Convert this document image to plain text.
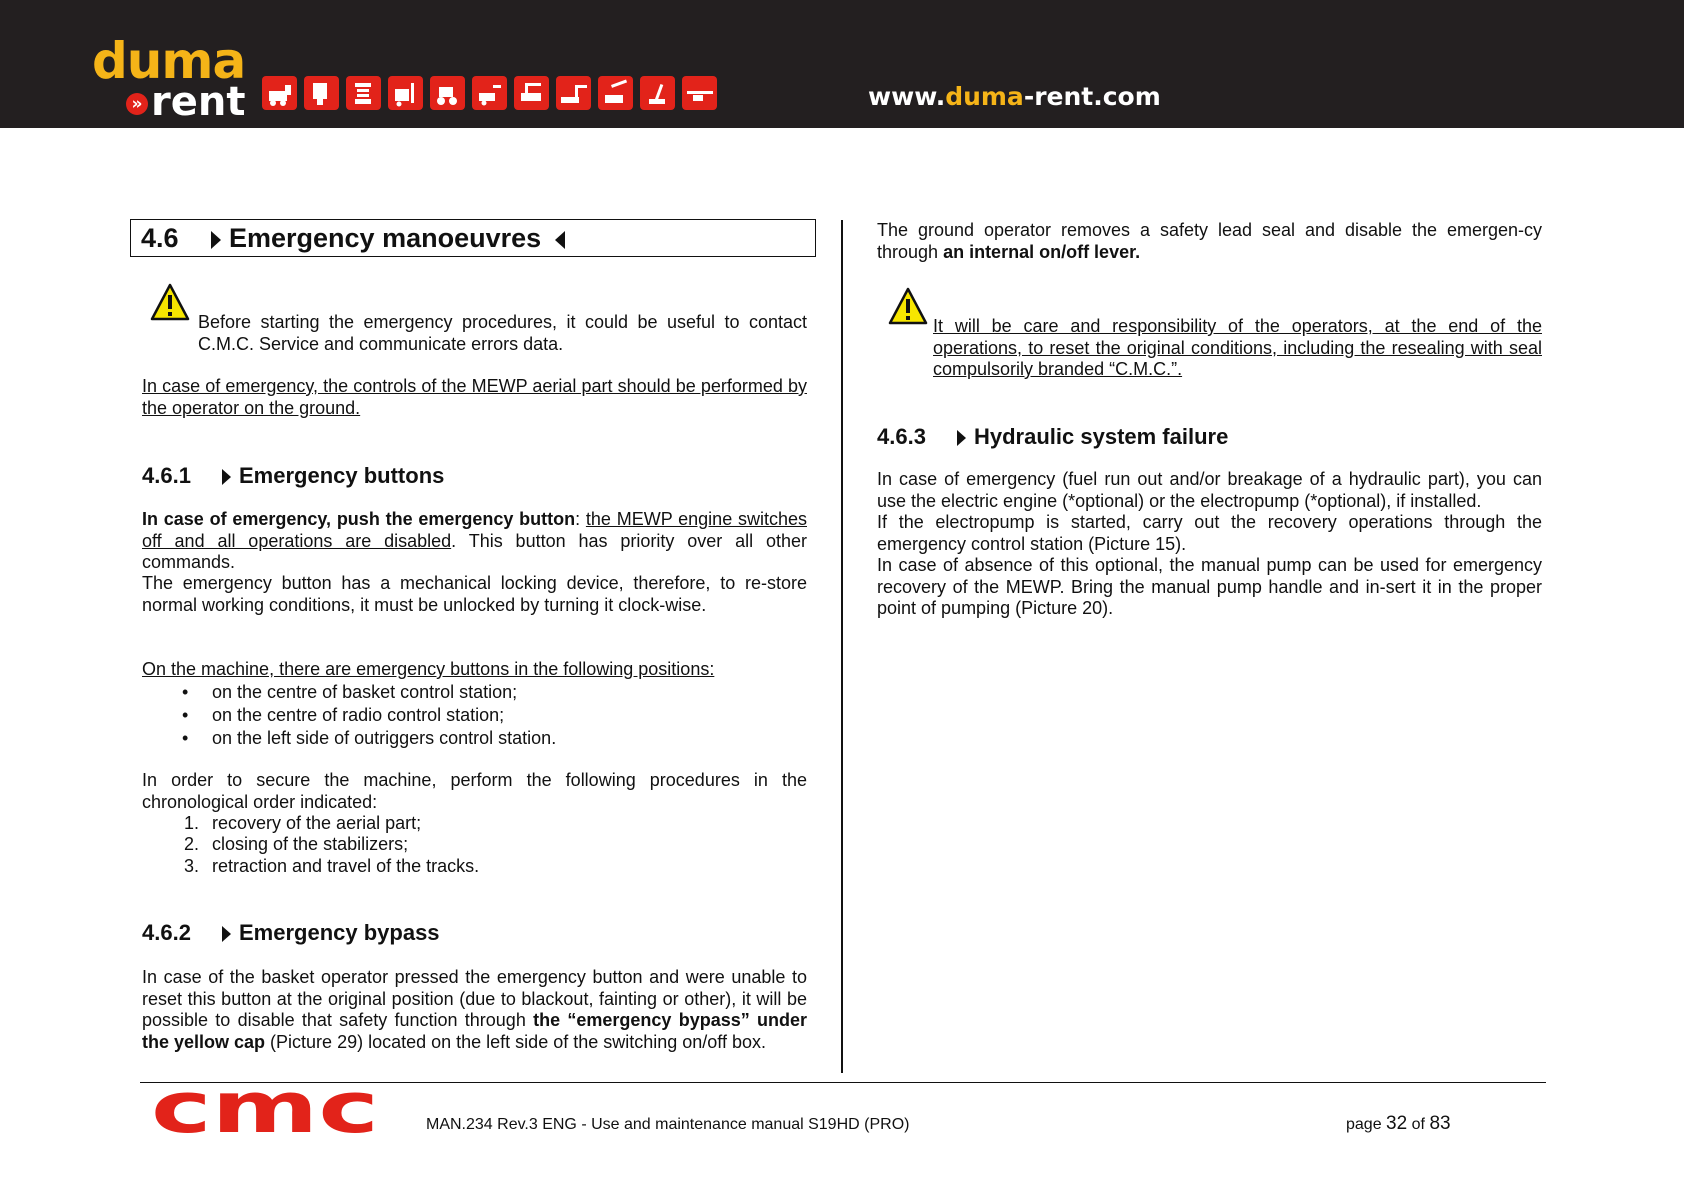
duma
» rent	www.duma-rent.com
4.6	Emergency manoeuvres

Before starting the emergency procedures, it could be useful to contact C.M.C. Service and communicate errors data.

In case of emergency, the controls of the MEWP aerial part should be performed by the operator on the ground.

4.6.1	Emergency buttons

In case of emergency, push the emergency button: the MEWP engine switches off and all operations are disabled. This button has priority over all other commands.

The emergency button has a mechanical locking device, therefore, to re-store normal working conditions, it must be unlocked by turning it clock-wise.

On the machine, there are emergency buttons in the following positions:

• on the centre of basket control station;
• on the centre of radio control station;
• on the left side of outriggers control station.

In order to secure the machine, perform the following procedures in the chronological order indicated:

1. recovery of the aerial part;
2. closing of the stabilizers;
3. retraction and travel of the tracks.
4.6.2	Emergency bypass

In case of the basket operator pressed the emergency button and were unable to reset this button at the original position (due to blackout, fainting or other), it will be possible to disable that safety function through the “emergency bypass” under the yellow cap (Picture 29) located on the left side of the switching on/off box.

The ground operator removes a safety lead seal and disable the emergen-cy through an internal on/off lever.

It will be care and responsibility of the operators, at the end of the operations, to reset the original conditions, including the resealing with seal compulsorily branded “C.M.C.”.

4.6.3	Hydraulic system failure

In case of emergency (fuel run out and/or breakage of a hydraulic part), you can use the electric engine (*optional) or the electropump (*optional), if installed.

If the electropump is started, carry out the recovery operations through the emergency control station (Picture 15).

In case of absence of this optional, the manual pump can be used for emergency recovery of the MEWP. Bring the manual pump handle and in-sert it in the proper point of pumping (Picture 20).

cmc	MAN.234 Rev.3 ENG - Use and maintenance manual S19HD (PRO)	page 32 of 83
